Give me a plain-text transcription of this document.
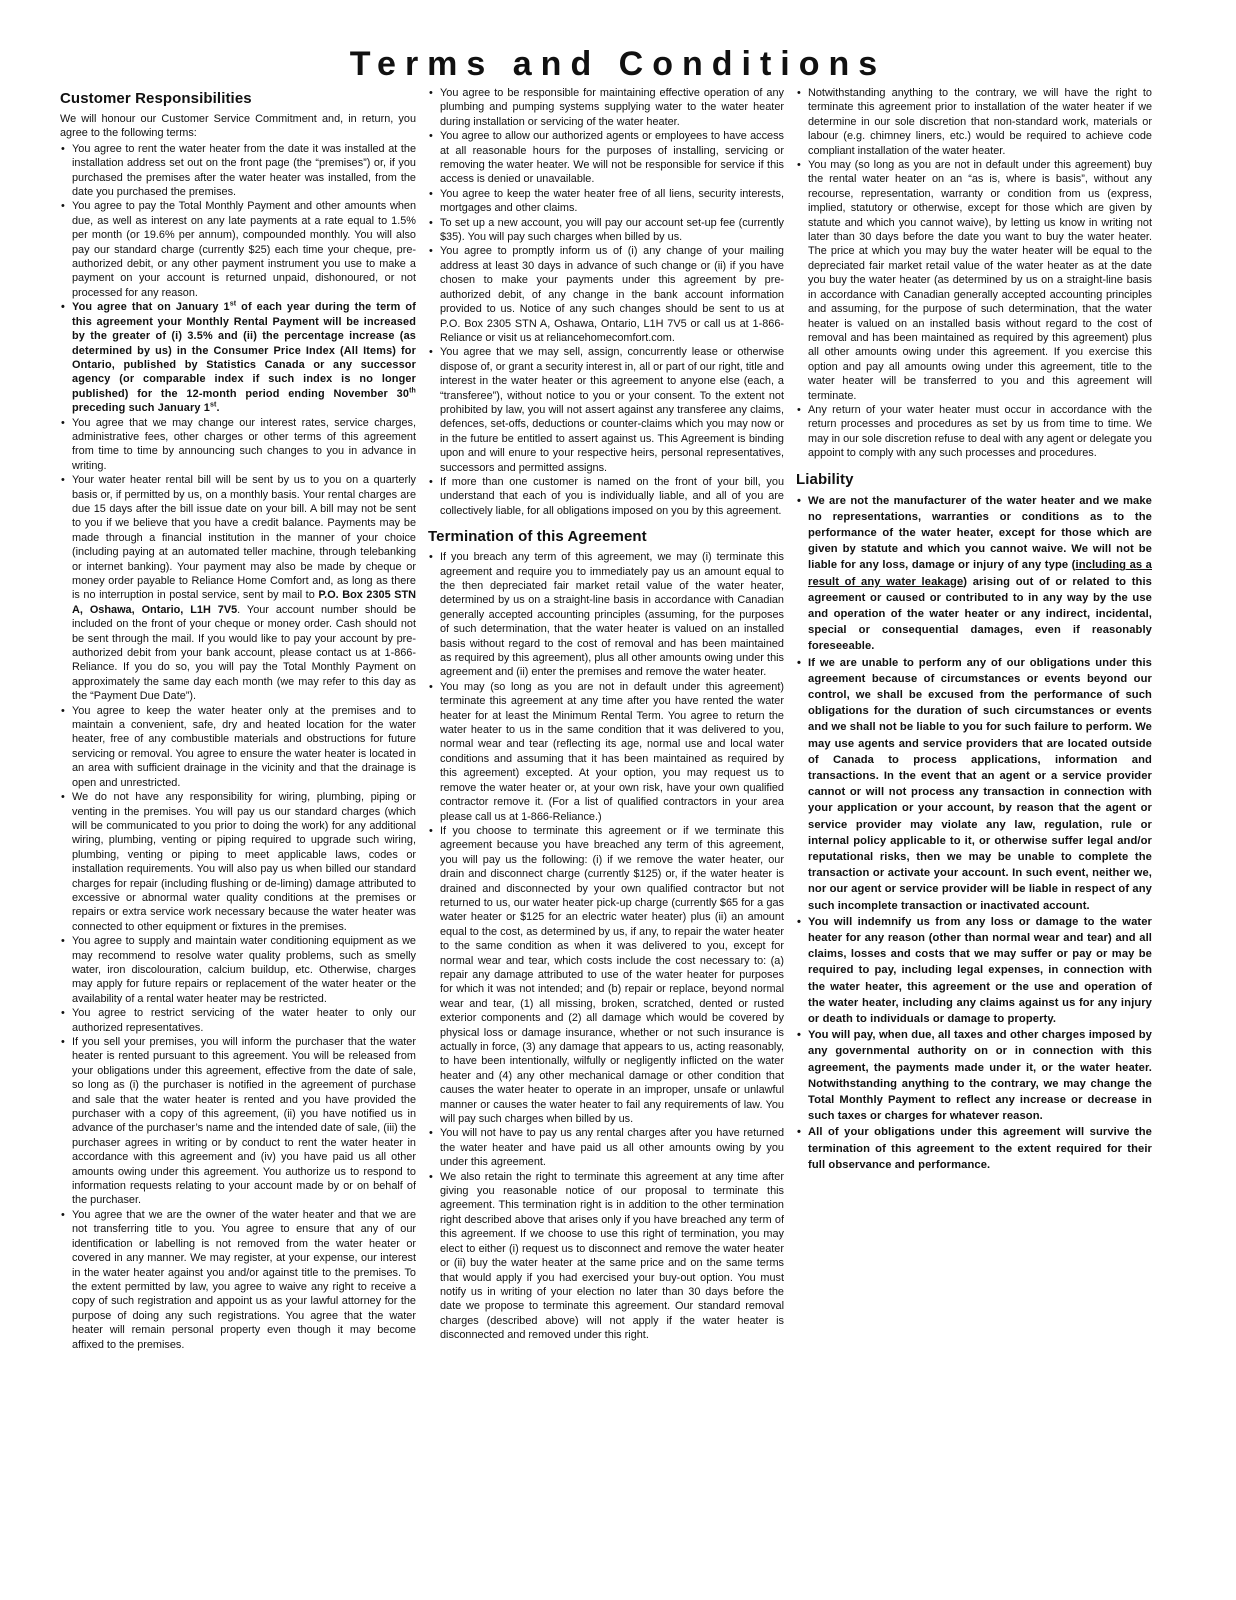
Terms and Conditions
Customer Responsibilities

We will honour our Customer Service Commitment and, in return, you agree to the following terms:

• You agree to rent the water heater from the date it was installed at the installation address set out on the front page (the “premises”) or, if you purchased the premises after the water heater was installed, from the date you purchased the premises.
• You agree to pay the Total Monthly Payment and other amounts when due, as well as interest on any late payments at a rate equal to 1.5% per month (or 19.6% per annum), compounded monthly. You will also pay our standard charge (currently $25) each time your cheque, pre-authorized debit, or any other payment instrument you use to make a payment on your account is returned unpaid, dishonoured, or not processed for any reason.
• You agree that on January 1st of each year during the term of this agreement your Monthly Rental Payment will be increased by the greater of (i) 3.5% and (ii) the percentage increase (as determined by us) in the Consumer Price Index (All Items) for Ontario, published by Statistics Canada or any successor agency (or comparable index if such index is no longer published) for the 12-month period ending November 30th preceding such January 1st.
• You agree that we may change our interest rates, service charges, administrative fees, other charges or other terms of this agreement from time to time by announcing such changes to you in advance in writing.
• Your water heater rental bill will be sent by us to you on a quarterly basis or, if permitted by us, on a monthly basis. Your rental charges are due 15 days after the bill issue date on your bill. A bill may not be sent to you if we believe that you have a credit balance. Payments may be made through a financial institution in the manner of your choice (including paying at an automated teller machine, through telebanking or internet banking). Your payment may also be made by cheque or money order payable to Reliance Home Comfort and, as long as there is no interruption in postal service, sent by mail to P.O. Box 2305 STN A, Oshawa, Ontario, L1H 7V5. Your account number should be included on the front of your cheque or money order. Cash should not be sent through the mail. If you would like to pay your account by pre-authorized debit from your bank account, please contact us at 1-866-Reliance. If you do so, you will pay the Total Monthly Payment on approximately the same day each month (we may refer to this day as the “Payment Due Date”).
• You agree to keep the water heater only at the premises and to maintain a convenient, safe, dry and heated location for the water heater, free of any combustible materials and obstructions for future servicing or removal. You agree to ensure the water heater is located in an area with sufficient drainage in the vicinity and that the drainage is open and unrestricted.
• We do not have any responsibility for wiring, plumbing, piping or venting in the premises. You will pay us our standard charges (which will be communicated to you prior to doing the work) for any additional wiring, plumbing, venting or piping required to upgrade such wiring, plumbing, venting or piping to meet applicable laws, codes or installation requirements. You will also pay us when billed our standard charges for repair (including flushing or de-liming) damage attributed to excessive or abnormal water quality conditions at the premises or repairs or extra service work necessary because the water heater was connected to other equipment or fixtures in the premises.
• You agree to supply and maintain water conditioning equipment as we may recommend to resolve water quality problems, such as smelly water, iron discolouration, calcium buildup, etc. Otherwise, charges may apply for future repairs or replacement of the water heater or the availability of a rental water heater may be restricted.
• You agree to restrict servicing of the water heater to only our authorized representatives.
• If you sell your premises, you will inform the purchaser that the water heater is rented pursuant to this agreement. You will be released from your obligations under this agreement, effective from the date of sale, so long as (i) the purchaser is notified in the agreement of purchase and sale that the water heater is rented and you have provided the purchaser with a copy of this agreement, (ii) you have notified us in advance of the purchaser’s name and the intended date of sale, (iii) the purchaser agrees in writing or by conduct to rent the water heater in accordance with this agreement and (iv) you have paid us all other amounts owing under this agreement. You authorize us to respond to information requests relating to your account made by or on behalf of the purchaser.
• You agree that we are the owner of the water heater and that we are not transferring title to you. You agree to ensure that any of our identification or labelling is not removed from the water heater or covered in any manner. We may register, at your expense, our interest in the water heater against you and/or against title to the premises. To the extent permitted by law, you agree to waive any right to receive a copy of such registration and appoint us as your lawful attorney for the purpose of doing any such registrations. You agree that the water heater will remain personal property even though it may become affixed to the premises.
• You agree to be responsible for maintaining effective operation of any plumbing and pumping systems supplying water to the water heater during installation or servicing of the water heater.
• You agree to allow our authorized agents or employees to have access at all reasonable hours for the purposes of installing, servicing or removing the water heater. We will not be responsible for service if this access is denied or unavailable.
• You agree to keep the water heater free of all liens, security interests, mortgages and other claims.
• To set up a new account, you will pay our account set-up fee (currently $35). You will pay such charges when billed by us.
• You agree to promptly inform us of (i) any change of your mailing address at least 30 days in advance of such change or (ii) if you have chosen to make your payments under this agreement by pre-authorized debit, of any change in the bank account information provided to us. Notice of any such changes should be sent to us at P.O. Box 2305 STN A, Oshawa, Ontario, L1H 7V5 or call us at 1-866-Reliance or visit us at reliancehomecomfort.com.
• You agree that we may sell, assign, concurrently lease or otherwise dispose of, or grant a security interest in, all or part of our right, title and interest in the water heater or this agreement to anyone else (each, a “transferee”), without notice to you or your consent. To the extent not prohibited by law, you will not assert against any transferee any claims, defences, set-offs, deductions or counter-claims which you may now or in the future be entitled to assert against us. This Agreement is binding upon and will enure to your respective heirs, personal representatives, successors and permitted assigns.
• If more than one customer is named on the front of your bill, you understand that each of you is individually liable, and all of you are collectively liable, for all obligations imposed on you by this agreement.
Termination of this Agreement
• If you breach any term of this agreement, we may (i) terminate this agreement and require you to immediately pay us an amount equal to the then depreciated fair market retail value of the water heater, determined by us on a straight-line basis in accordance with Canadian generally accepted accounting principles (assuming, for the purposes of such determination, that the water heater is valued on an installed basis without regard to the cost of removal and has been maintained as required by this agreement), plus all other amounts owing under this agreement and (ii) enter the premises and remove the water heater.
• You may (so long as you are not in default under this agreement) terminate this agreement at any time after you have rented the water heater for at least the Minimum Rental Term. You agree to return the water heater to us in the same condition that it was delivered to you, normal wear and tear (reflecting its age, normal use and local water conditions and assuming that it has been maintained as required by this agreement) excepted. At your option, you may request us to remove the water heater or, at your own risk, have your own qualified contractor remove it. (For a list of qualified contractors in your area please call us at 1-866-Reliance.)
• If you choose to terminate this agreement or if we terminate this agreement because you have breached any term of this agreement, you will pay us the following: (i) if we remove the water heater, our drain and disconnect charge (currently $125) or, if the water heater is drained and disconnected by your own qualified contractor but not returned to us, our water heater pick-up charge (currently $65 for a gas water heater or $125 for an electric water heater) plus (ii) an amount equal to the cost, as determined by us, if any, to repair the water heater to the same condition as when it was delivered to you, except for normal wear and tear, which costs include the cost necessary to: (a) repair any damage attributed to use of the water heater for purposes for which it was not intended; and (b) repair or replace, beyond normal wear and tear, (1) all missing, broken, scratched, dented or rusted exterior components and (2) all damage which would be covered by physical loss or damage insurance, whether or not such insurance is actually in force, (3) any damage that appears to us, acting reasonably, to have been intentionally, wilfully or negligently inflicted on the water heater and (4) any other mechanical damage or other condition that causes the water heater to operate in an improper, unsafe or unlawful manner or causes the water heater to fail any requirements of law. You will pay such charges when billed by us.
• You will not have to pay us any rental charges after you have returned the water heater and have paid us all other amounts owing by you under this agreement.
• We also retain the right to terminate this agreement at any time after giving you reasonable notice of our proposal to terminate this agreement. This termination right is in addition to the other termination right described above that arises only if you have breached any term of this agreement. If we choose to use this right of termination, you may elect to either (i) request us to disconnect and remove the water heater or (ii) buy the water heater at the same price and on the same terms that would apply if you had exercised your buy-out option. You must notify us in writing of your election no later than 30 days before the date we propose to terminate this agreement. Our standard removal charges (described above) will not apply if the water heater is disconnected and removed under this right.
• Notwithstanding anything to the contrary, we will have the right to terminate this agreement prior to installation of the water heater if we determine in our sole discretion that non-standard work, materials or labour (e.g. chimney liners, etc.) would be required to achieve code compliant installation of the water heater.
• You may (so long as you are not in default under this agreement) buy the rental water heater on an “as is, where is basis”, without any recourse, representation, warranty or condition from us (express, implied, statutory or otherwise, except for those which are given by statute and which you cannot waive), by letting us know in writing not later than 30 days before the date you want to buy the water heater. The price at which you may buy the water heater will be equal to the depreciated fair market retail value of the water heater as at the date you buy the water heater (as determined by us on a straight-line basis in accordance with Canadian generally accepted accounting principles and assuming, for the purpose of such determination, that the water heater is valued on an installed basis without regard to the cost of removal and has been maintained as required by this agreement) plus all other amounts owing under this agreement. If you exercise this option and pay all amounts owing under this agreement, title to the water heater will be transferred to you and this agreement will terminate.
• Any return of your water heater must occur in accordance with the return processes and procedures as set by us from time to time. We may in our sole discretion refuse to deal with any agent or delegate you appoint to comply with any such processes and procedures.
Liability
• We are not the manufacturer of the water heater and we make no representations, warranties or conditions as to the performance of the water heater, except for those which are given by statute and which you cannot waive. We will not be liable for any loss, damage or injury of any type (including as a result of any water leakage) arising out of or related to this agreement or caused or contributed to in any way by the use and operation of the water heater or any indirect, incidental, special or consequential damages, even if reasonably foreseeable.
• If we are unable to perform any of our obligations under this agreement because of circumstances or events beyond our control, we shall be excused from the performance of such obligations for the duration of such circumstances or events and we shall not be liable to you for such failure to perform. We may use agents and service providers that are located outside of Canada to process applications, information and transactions. In the event that an agent or a service provider cannot or will not process any transaction in connection with your application or your account, by reason that the agent or service provider may violate any law, regulation, rule or internal policy applicable to it, or otherwise suffer legal and/or reputational risks, then we may be unable to complete the transaction or activate your account. In such event, neither we, nor our agent or service provider will be liable in respect of any such incomplete transaction or inactivated account.
• You will indemnify us from any loss or damage to the water heater for any reason (other than normal wear and tear) and all claims, losses and costs that we may suffer or pay or may be required to pay, including legal expenses, in connection with the water heater, this agreement or the use and operation of the water heater, including any claims against us for any injury or death to individuals or damage to property.
• You will pay, when due, all taxes and other charges imposed by any governmental authority on or in connection with this agreement, the payments made under it, or the water heater. Notwithstanding anything to the contrary, we may change the Total Monthly Payment to reflect any increase or decrease in such taxes or charges for whatever reason.
• All of your obligations under this agreement will survive the termination of this agreement to the extent required for their full observance and performance.
